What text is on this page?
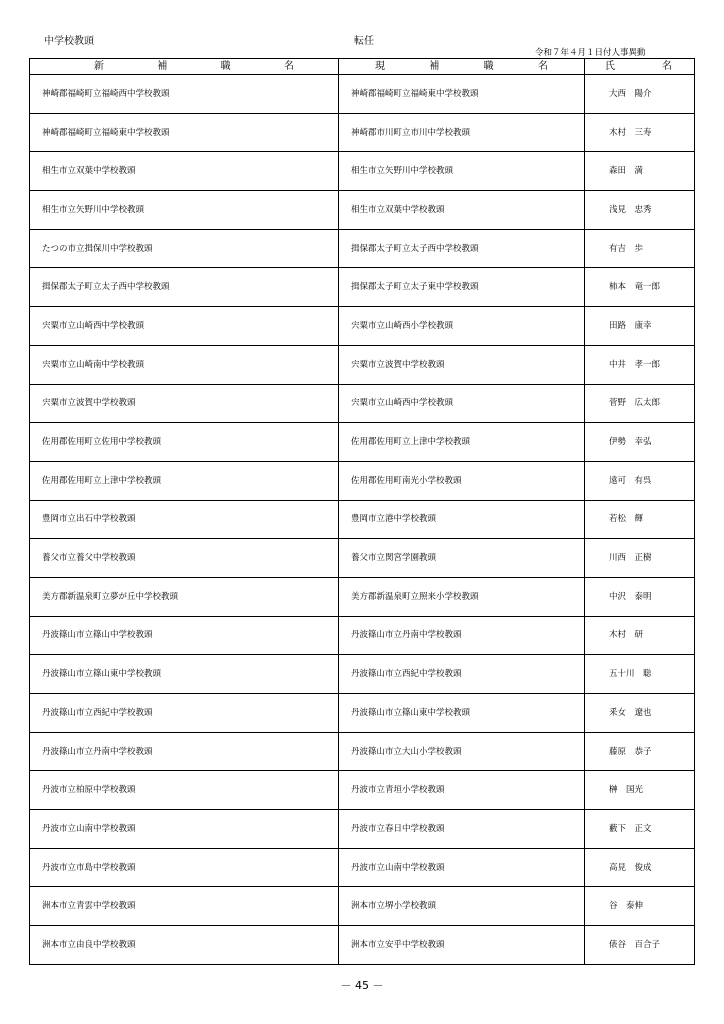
中学校教頭	転任
令和７年４月１日付人事異動
新 補 職 名	現 補 職 名	氏 名

神崎郡福崎町立福崎西中学校教頭	神崎郡福崎町立福崎東中学校教頭	大西　陽介
神崎郡福崎町立福崎東中学校教頭	神崎郡市川町立市川中学校教頭	木村　三寿
相生市立双葉中学校教頭	相生市立矢野川中学校教頭	森田　満
相生市立矢野川中学校教頭	相生市立双葉中学校教頭	浅見　忠秀
たつの市立揖保川中学校教頭	揖保郡太子町立太子西中学校教頭	有吉　歩
揖保郡太子町立太子西中学校教頭	揖保郡太子町立太子東中学校教頭	柿本　竜一郎
宍粟市立山崎西中学校教頭	宍粟市立山崎西小学校教頭	田路　康幸
宍粟市立山崎南中学校教頭	宍粟市立波賀中学校教頭	中井　孝一郎
宍粟市立波賀中学校教頭	宍粟市立山崎西中学校教頭	菅野　広太郎
佐用郡佐用町立佐用中学校教頭	佐用郡佐用町立上津中学校教頭	伊勢　幸弘
佐用郡佐用町立上津中学校教頭	佐用郡佐用町南光小学校教頭	遠可　有呉
豊岡市立出石中学校教頭	豊岡市立港中学校教頭	若松　輝
養父市立養父中学校教頭	養父市立関宮学園教頭	川西　正樹
美方郡新温泉町立夢が丘中学校教頭	美方郡新温泉町立照来小学校教頭	中沢　泰明
丹波篠山市立篠山中学校教頭	丹波篠山市立丹南中学校教頭	木村　研
丹波篠山市立篠山東中学校教頭	丹波篠山市立西紀中学校教頭	五十川　聡
丹波篠山市立西紀中学校教頭	丹波篠山市立篠山東中学校教頭	釆女　遼也
丹波篠山市立丹南中学校教頭	丹波篠山市立大山小学校教頭	藤原　恭子
丹波市立柏原中学校教頭	丹波市立青垣小学校教頭	榊　国光
丹波市立山南中学校教頭	丹波市立春日中学校教頭	藪下　正文
丹波市立市島中学校教頭	丹波市立山南中学校教頭	高見　俊成
洲本市立青雲中学校教頭	洲本市立堺小学校教頭	谷　泰伸
洲本市立由良中学校教頭	洲本市立安乎中学校教頭	俵谷　百合子
－ 45 －
